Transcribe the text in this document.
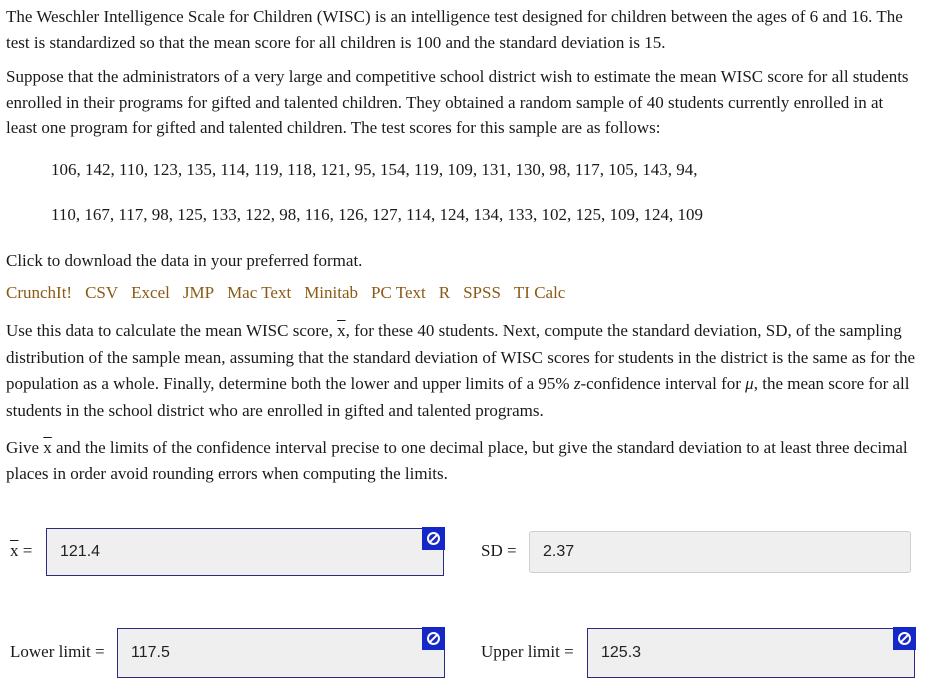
The Weschler Intelligence Scale for Children (WISC) is an intelligence test designed for children between the ages of 6 and 16. The test is standardized so that the mean score for all children is 100 and the standard deviation is 15.

Suppose that the administrators of a very large and competitive school district wish to estimate the mean WISC score for all students enrolled in their programs for gifted and talented children. They obtained a random sample of 40 students currently enrolled in at least one program for gifted and talented children. The test scores for this sample are as follows:

106, 142, 110, 123, 135, 114, 119, 118, 121, 95, 154, 119, 109, 131, 130, 98, 117, 105, 143, 94,
110, 167, 117, 98, 125, 133, 122, 98, 116, 126, 127, 114, 124, 134, 133, 102, 125, 109, 124, 109
Click to download the data in your preferred format.
CrunchIt! CSV Excel JMP Mac Text Minitab PC Text R SPSS TI Calc

Use this data to calculate the mean WISC score, $\overline{x}$, for these 40 students. Next, compute the standard deviation, SD, of the sampling distribution of the sample mean, assuming that the standard deviation of WISC scores for students in the district is the same as for the population as a whole. Finally, determine both the lower and upper limits of a 95% z-confidence interval for μ, the mean score for all students in the school district who are enrolled in gifted and talented programs.

Give $\overline{x}$ and the limits of the confidence interval precise to one decimal place, but give the standard deviation to at least three decimal places in order avoid rounding errors when computing the limits.

$\overline{x}$ =	121.4	SD =	2.37
Lower limit =	117.5	Upper limit =	125.3
